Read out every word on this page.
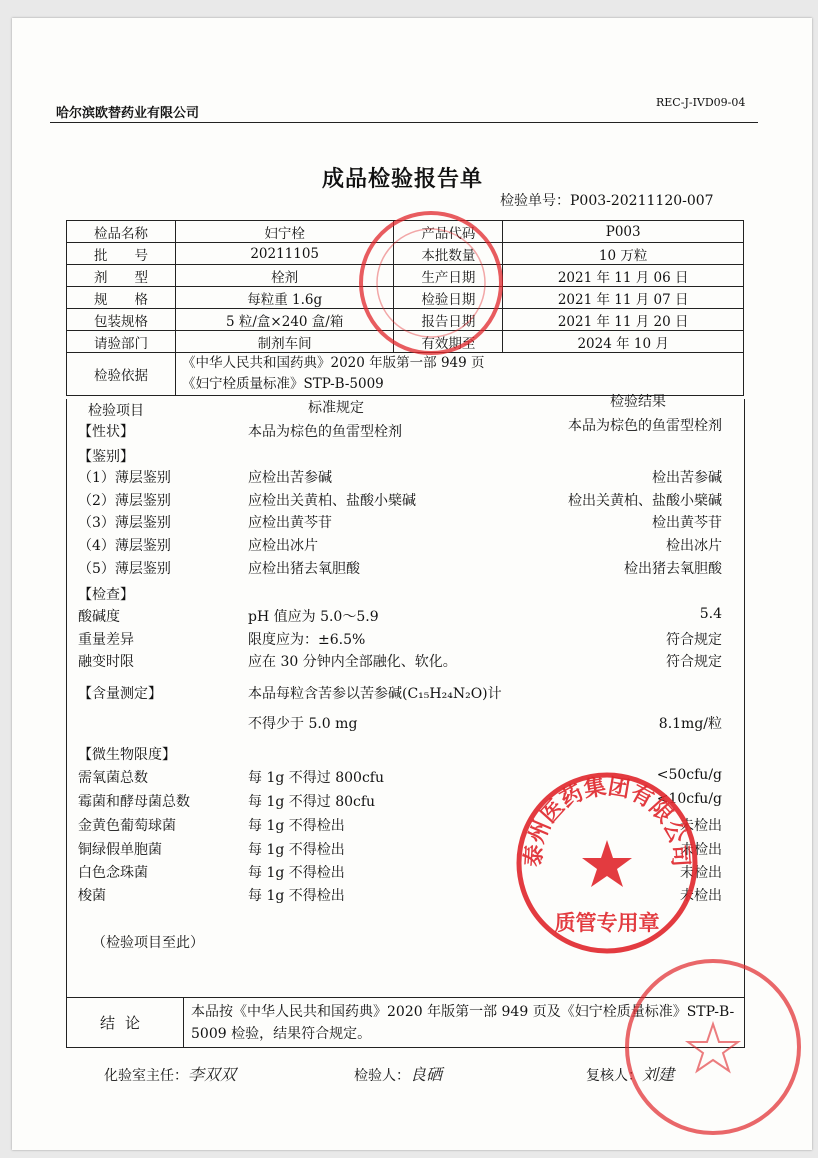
哈尔滨欧替药业有限公司
REC-J-IVD09-04
成品检验报告单
检验单号：P003-20211120-007
检品名称	妇宁栓	产品代码	P003
批　　号	20211105	本批数量	10 万粒
剂　　型	栓剂	生产日期	2021 年 11 月 06 日
规　　格	每粒重 1.6g	检验日期	2021 年 11 月 07 日
包装规格	5 粒/盒×240 盒/箱	报告日期	2021 年 11 月 20 日
请验部门	制剂车间	有效期至	2024 年 10 月
检验依据	《中华人民共和国药典》2020 年版第一部 949 页
《妇宁栓质量标准》STP-B-5009		
检验项目	标准规定	检验结果
【性状】	本品为棕色的鱼雷型栓剂	本品为棕色的鱼雷型栓剂
【鉴别】
（1）薄层鉴别	应检出苦参碱	检出苦参碱
（2）薄层鉴别	应检出关黄柏、盐酸小檗碱	检出关黄柏、盐酸小檗碱
（3）薄层鉴别	应检出黄芩苷	检出黄芩苷
（4）薄层鉴别	应检出冰片	检出冰片
（5）薄层鉴别	应检出猪去氧胆酸	检出猪去氧胆酸
【检查】
酸碱度	pH 值应为 5.0～5.9	5.4
重量差异	限度应为：±6.5%	符合规定
融变时限	应在 30 分钟内全部融化、软化。	符合规定
【含量测定】	本品每粒含苦参以苦参碱(C₁₅H₂₄N₂O)计
不得少于 5.0 mg	8.1mg/粒
【微生物限度】
需氧菌总数	每 1g 不得过 800cfu	<50cfu/g
霉菌和酵母菌总数	每 1g 不得过 80cfu	<10cfu/g
金黄色葡萄球菌	每 1g 不得检出	未检出
铜绿假单胞菌	每 1g 不得检出	未检出
白色念珠菌	每 1g 不得检出	未检出
梭菌	每 1g 不得检出	未检出
（检验项目至此）
结论
本品按《中华人民共和国药典》2020 年版第一部 949 页及《妇宁栓质量标准》STP-B-5009 检验，结果符合规定。
化验室主任：李双双	检验人：良硒	复核人：刘建
泰州医药集团有限公司
质管专用章
